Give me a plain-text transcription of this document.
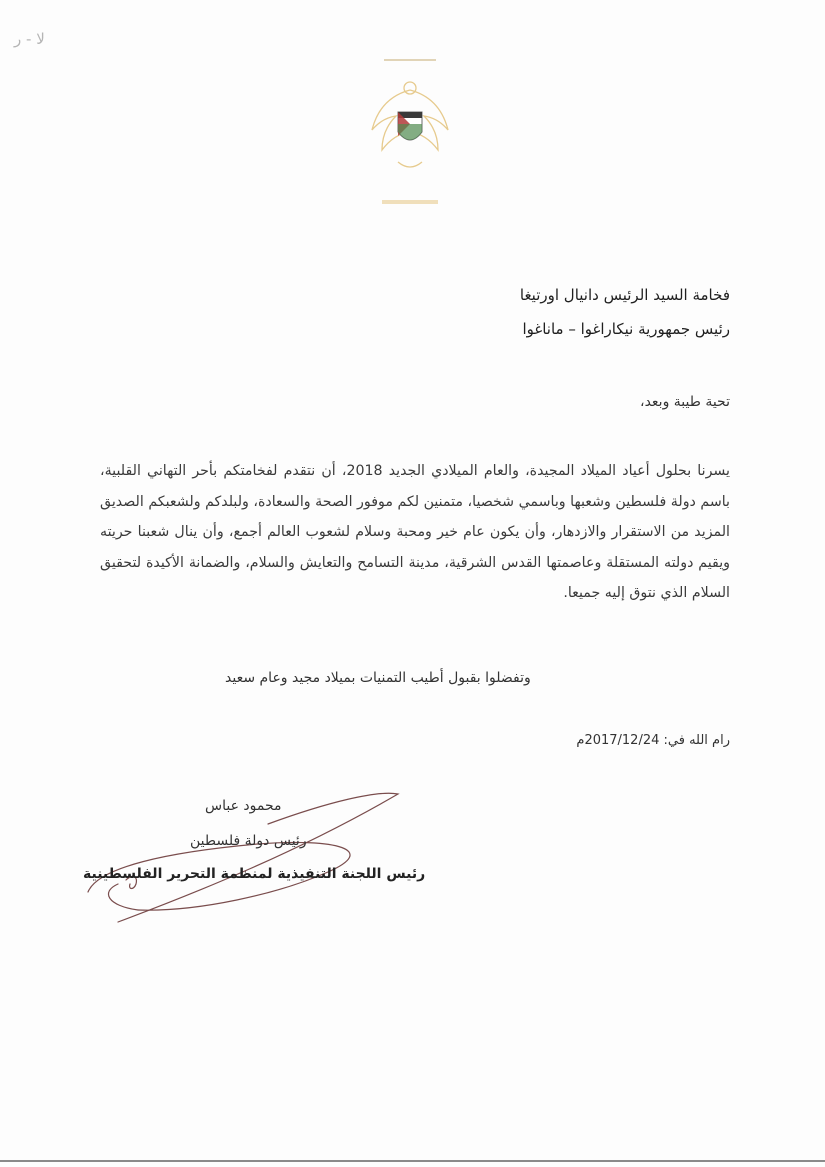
ﻻ - ﺭ
فخامة السيد الرئيس دانيال اورتيغا
رئيس جمهورية نيكاراغوا – ماناغوا
تحية طيبة وبعد،
يسرنا بحلول أعياد الميلاد المجيدة، والعام الميلادي الجديد 2018، أن نتقدم لفخامتكم بأحر التهاني القلبية، باسم دولة فلسطين وشعبها وباسمي شخصيا، متمنين لكم موفور الصحة والسعادة، ولبلدكم ولشعبكم الصديق المزيد من الاستقرار والازدهار، وأن يكون عام خير ومحبة وسلام لشعوب العالم أجمع، وأن ينال شعبنا حريته ويقيم دولته المستقلة وعاصمتها القدس الشرقية، مدينة التسامح والتعايش والسلام، والضمانة الأكيدة لتحقيق السلام الذي نتوق إليه جميعا.
وتفضلوا بقبول أطيب التمنيات بميلاد مجيد وعام سعيد
رام الله في: 2017/12/24م
محمود عباس
رئيس دولة فلسطين
رئيس اللجنة التنفيذية لمنظمة التحرير الفلسطينية
